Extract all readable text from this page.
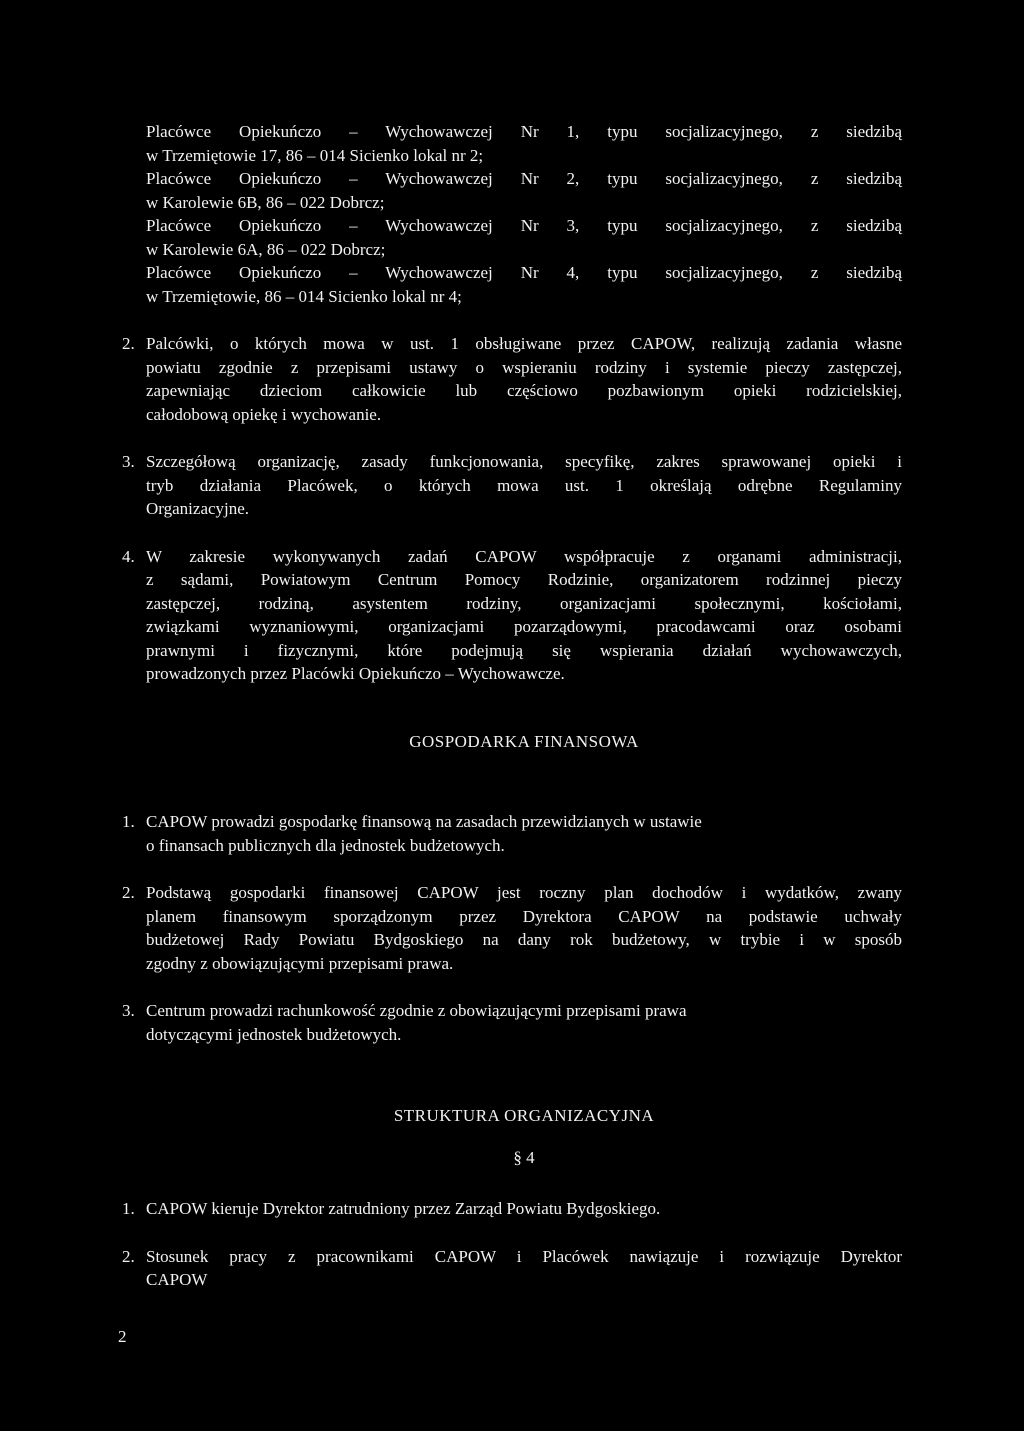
Placówce Opiekuńczo – Wychowawczej Nr 1, typu socjalizacyjnego, z siedzibą
w Trzemiętowie 17, 86 – 014 Sicienko lokal nr 2;
Placówce Opiekuńczo – Wychowawczej Nr 2, typu socjalizacyjnego, z siedzibą
w Karolewie 6B, 86 – 022 Dobrcz;
Placówce Opiekuńczo – Wychowawczej Nr 3, typu socjalizacyjnego, z siedzibą
w Karolewie 6A, 86 – 022 Dobrcz;
Placówce Opiekuńczo – Wychowawczej Nr 4, typu socjalizacyjnego, z siedzibą
w Trzemiętowie, 86 – 014 Sicienko lokal nr 4;
2. Palcówki, o których mowa w ust. 1 obsługiwane przez CAPOW, realizują zadania własne
powiatu zgodnie z przepisami ustawy o wspieraniu rodziny i systemie pieczy zastępczej,
zapewniając dzieciom całkowicie lub częściowo pozbawionym opieki rodzicielskiej,
całodobową opiekę i wychowanie.
3. Szczegółową organizację, zasady funkcjonowania, specyfikę, zakres sprawowanej opieki i
tryb działania Placówek, o których mowa ust. 1 określają odrębne Regulaminy
Organizacyjne.
4. W zakresie wykonywanych zadań CAPOW współpracuje z organami administracji,
z sądami, Powiatowym Centrum Pomocy Rodzinie, organizatorem rodzinnej pieczy
zastępczej, rodziną, asystentem rodziny, organizacjami społecznymi, kościołami,
związkami wyznaniowymi, organizacjami pozarządowymi, pracodawcami oraz osobami
prawnymi i fizycznymi, które podejmują się wspierania działań wychowawczych,
prowadzonych przez Placówki Opiekuńczo – Wychowawcze.
GOSPODARKA FINANSOWA
1. CAPOW prowadzi gospodarkę finansową na zasadach przewidzianych w ustawie
o finansach publicznych dla jednostek budżetowych.
2. Podstawą gospodarki finansowej CAPOW jest roczny plan dochodów i wydatków, zwany
planem finansowym sporządzonym przez Dyrektora CAPOW na podstawie uchwały
budżetowej Rady Powiatu Bydgoskiego na dany rok budżetowy, w trybie i w sposób
zgodny z obowiązującymi przepisami prawa.
3. Centrum prowadzi rachunkowość zgodnie z obowiązującymi przepisami prawa
dotyczącymi jednostek budżetowych.
STRUKTURA ORGANIZACYJNA
§ 4
1. CAPOW kieruje Dyrektor zatrudniony przez Zarząd Powiatu Bydgoskiego.
2. Stosunek pracy z pracownikami CAPOW i Placówek nawiązuje i rozwiązuje Dyrektor
CAPOW
2
